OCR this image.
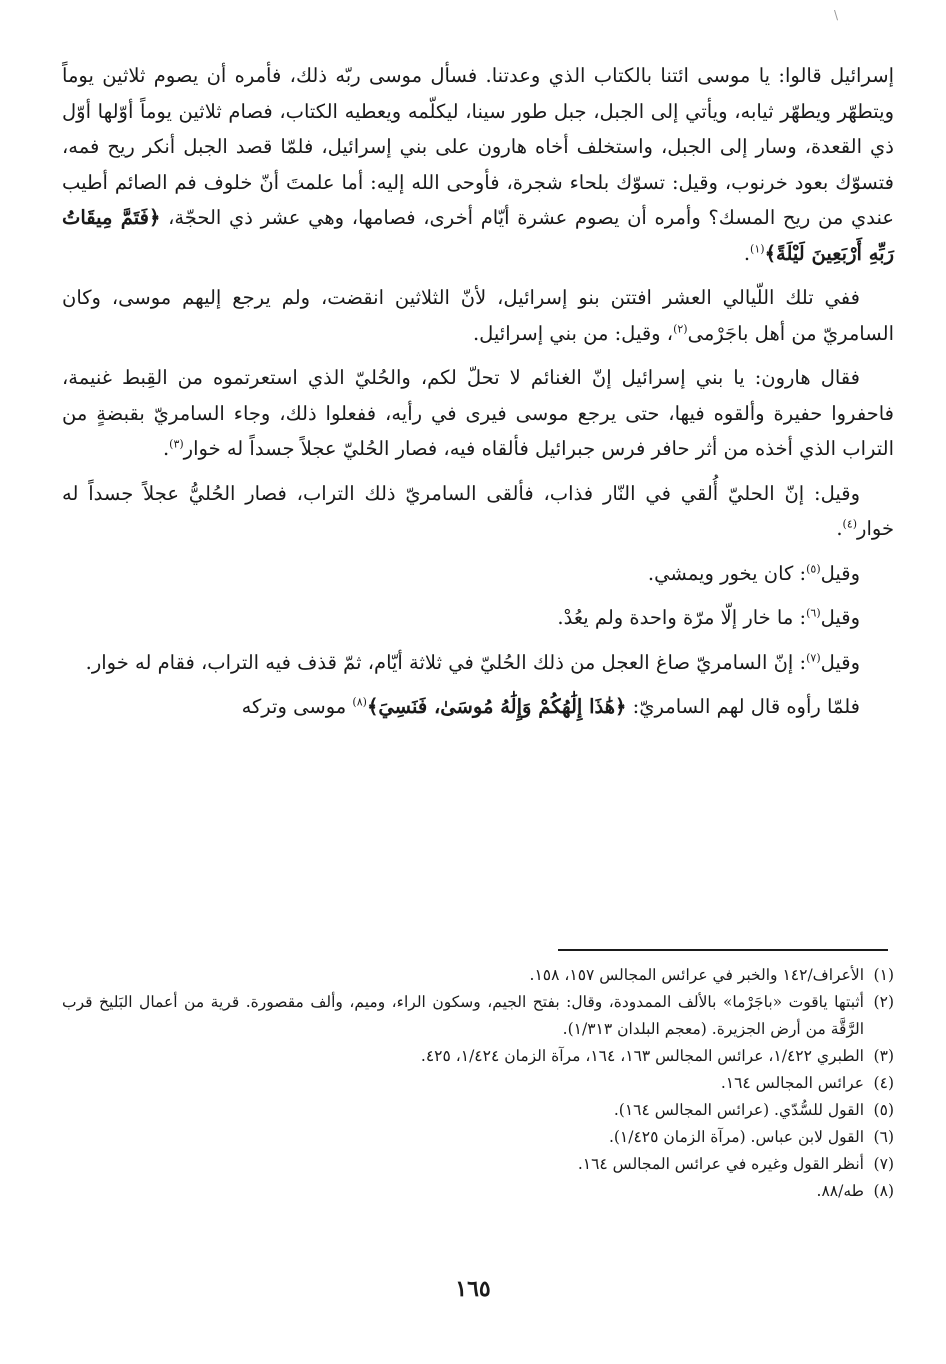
\

إسرائيل قالوا: يا موسى ائتنا بالكتاب الذي وعدتنا. فسأل موسى ربّه ذلك، فأمره أن يصوم ثلاثين يوماً ويتطهّر ويطهّر ثيابه، ويأتي إلى الجبل، جبل طور سينا، ليكلّمه ويعطيه الكتاب، فصام ثلاثين يوماً أوّلها أوّل ذي القعدة، وسار إلى الجبل، واستخلف أخاه هارون على بني إسرائيل، فلمّا قصد الجبل أنكر ريح فمه، فتسوّك بعود خرنوب، وقيل: تسوّك بلحاء شجرة، فأوحى الله إليه: أما علمتَ أنّ خلوف فم الصائم أطيب عندي من ريح المسك؟ وأمره أن يصوم عشرة أيّام أخرى، فصامها، وهي عشر ذي الحجّة، ﴿فَتَمَّ مِيقَاتُ رَبِّهِ أَرْبَعِينَ لَيْلَةً﴾$^{(١)}$.

ففي تلك اللّيالي العشر افتتن بنو إسرائيل، لأنّ الثلاثين انقضت، ولم يرجع إليهم موسى، وكان السامريّ من أهل باجَرْمى$^{(٢)}$، وقيل: من بني إسرائيل.

فقال هارون: يا بني إسرائيل إنّ الغنائم لا تحلّ لكم، والحُليّ الذي استعرتموه من القِبط غنيمة، فاحفروا حفيرة وألقوه فيها، حتى يرجع موسى فيرى في رأيه، ففعلوا ذلك، وجاء السامريّ بقبضةٍ من التراب الذي أخذه من أثر حافر فرس جبرائيل فألقاه فيه، فصار الحُليّ عجلاً جسداً له خوار$^{(٣)}$.

وقيل: إنّ الحليّ أُلقي في النّار فذاب، فألقى السامريّ ذلك التراب، فصار الحُليُّ عجلاً جسداً له خوار$^{(٤)}$.

وقيل$^{(٥)}$: كان يخور ويمشي.

وقيل$^{(٦)}$: ما خار إلّا مرّة واحدة ولم يعُدْ.

وقيل$^{(٧)}$: إنّ السامريّ صاغ العجل من ذلك الحُليّ في ثلاثة أيّام، ثمّ قذف فيه التراب، فقام له خوار.

فلمّا رأوه قال لهم السامريّ: ﴿هَٰذَا إِلَٰهُكُمْ وَإِلَٰهُ مُوسَىٰ، فَنَسِيَ﴾$^{(٨)}$ موسى وتركه

(١)
الأعراف/١٤٢ والخبر في عرائس المجالس ١٥٧، ١٥٨.

(٢)
أثبتها ياقوت «باجَرْما» بالألف الممدودة، وقال: بفتح الجيم، وسكون الراء، وميم، وألف مقصورة. قرية من أعمال البَليخ قرب الرَّقَّة من أرض الجزيرة. (معجم البلدان ١/٣١٣).

(٣)
الطبري ١/٤٢٢، عرائس المجالس ١٦٣، ١٦٤، مرآة الزمان ١/٤٢٤، ٤٢٥.

(٤)
عرائس المجالس ١٦٤.

(٥)
القول للسُّدّي. (عرائس المجالس ١٦٤).

(٦)
القول لابن عباس. (مرآة الزمان ١/٤٢٥).

(٧)
أنظر القول وغيره في عرائس المجالس ١٦٤.

(٨)
طه/٨٨.

١٦٥
